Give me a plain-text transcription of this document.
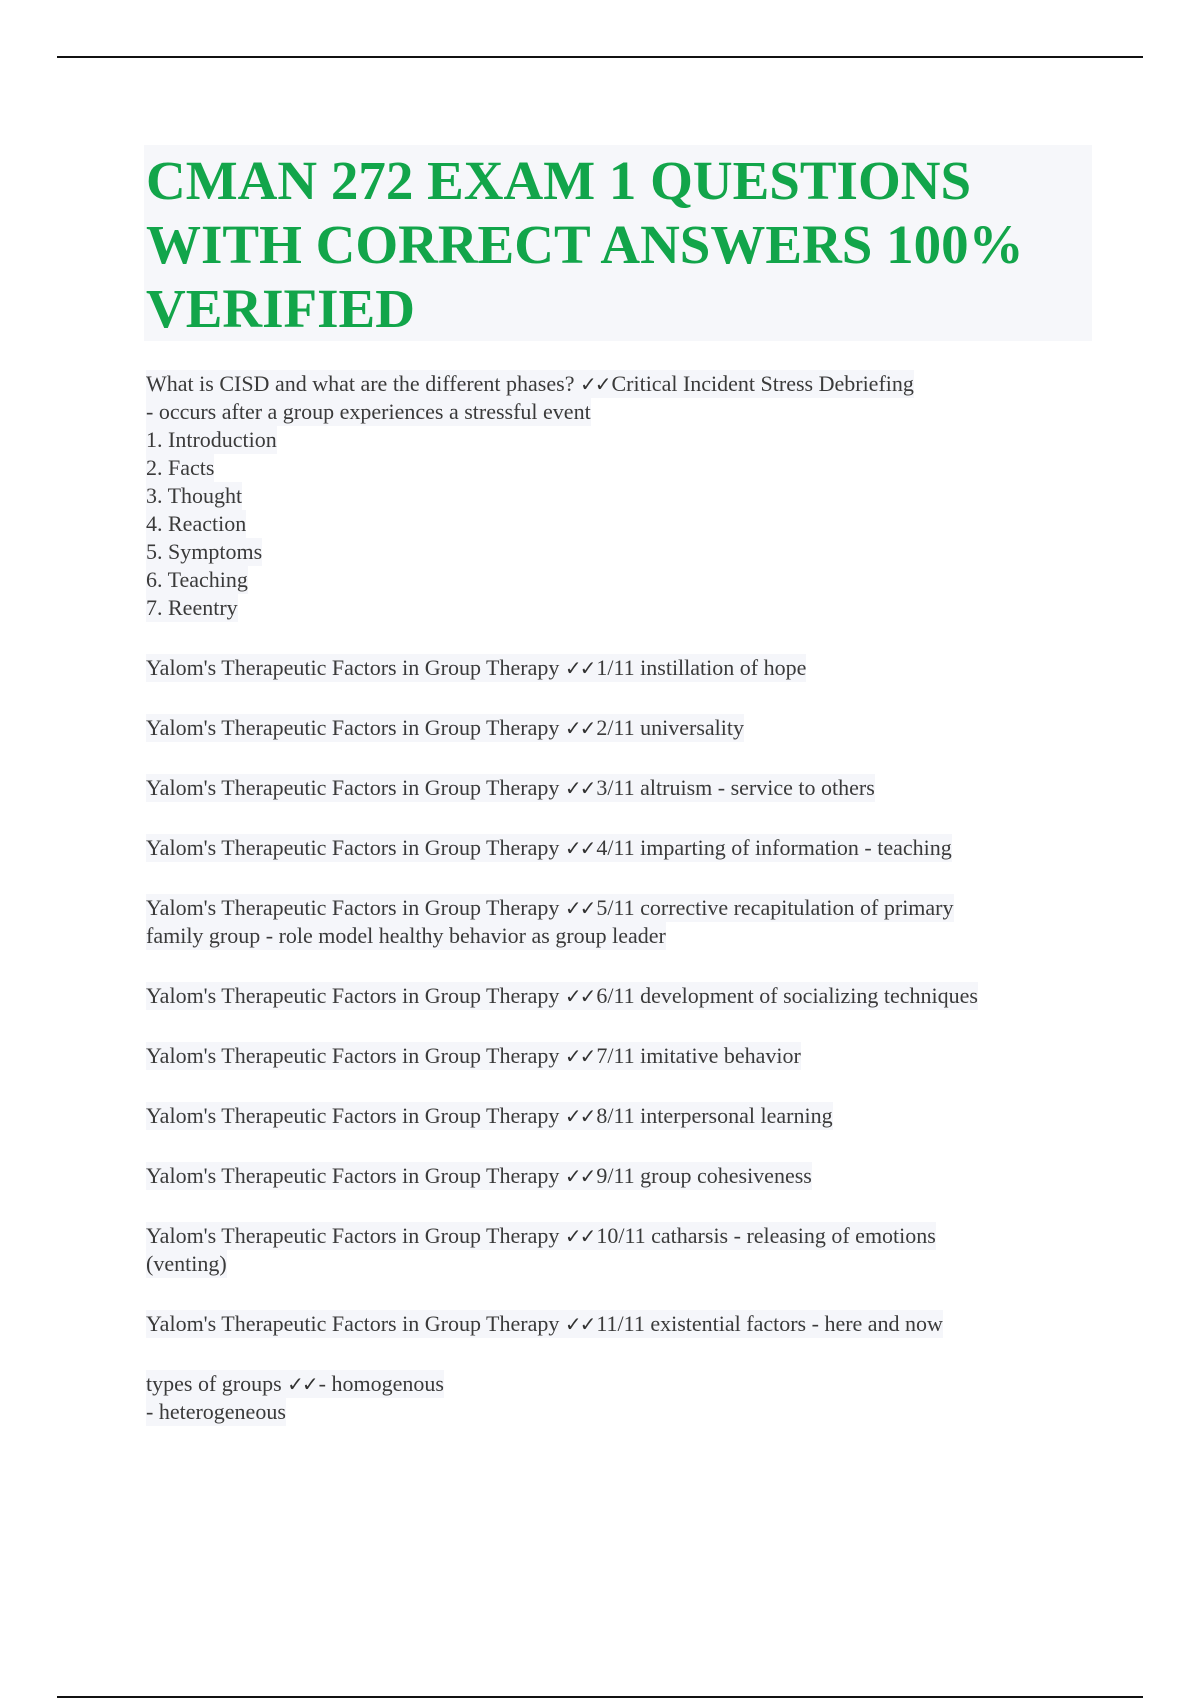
CMAN 272 EXAM 1 QUESTIONS WITH CORRECT ANSWERS 100% VERIFIED
What is CISD and what are the different phases? ✓✓Critical Incident Stress Debriefing
- occurs after a group experiences a stressful event
1. Introduction
2. Facts
3. Thought
4. Reaction
5. Symptoms
6. Teaching
7. Reentry
Yalom's Therapeutic Factors in Group Therapy ✓✓1/11 instillation of hope
Yalom's Therapeutic Factors in Group Therapy ✓✓2/11 universality
Yalom's Therapeutic Factors in Group Therapy ✓✓3/11 altruism - service to others
Yalom's Therapeutic Factors in Group Therapy ✓✓4/11 imparting of information - teaching
Yalom's Therapeutic Factors in Group Therapy ✓✓5/11 corrective recapitulation of primary
family group - role model healthy behavior as group leader
Yalom's Therapeutic Factors in Group Therapy ✓✓6/11 development of socializing techniques
Yalom's Therapeutic Factors in Group Therapy ✓✓7/11 imitative behavior
Yalom's Therapeutic Factors in Group Therapy ✓✓8/11 interpersonal learning
Yalom's Therapeutic Factors in Group Therapy ✓✓9/11 group cohesiveness
Yalom's Therapeutic Factors in Group Therapy ✓✓10/11 catharsis - releasing of emotions
(venting)
Yalom's Therapeutic Factors in Group Therapy ✓✓11/11 existential factors - here and now
types of groups ✓✓- homogenous
- heterogeneous
